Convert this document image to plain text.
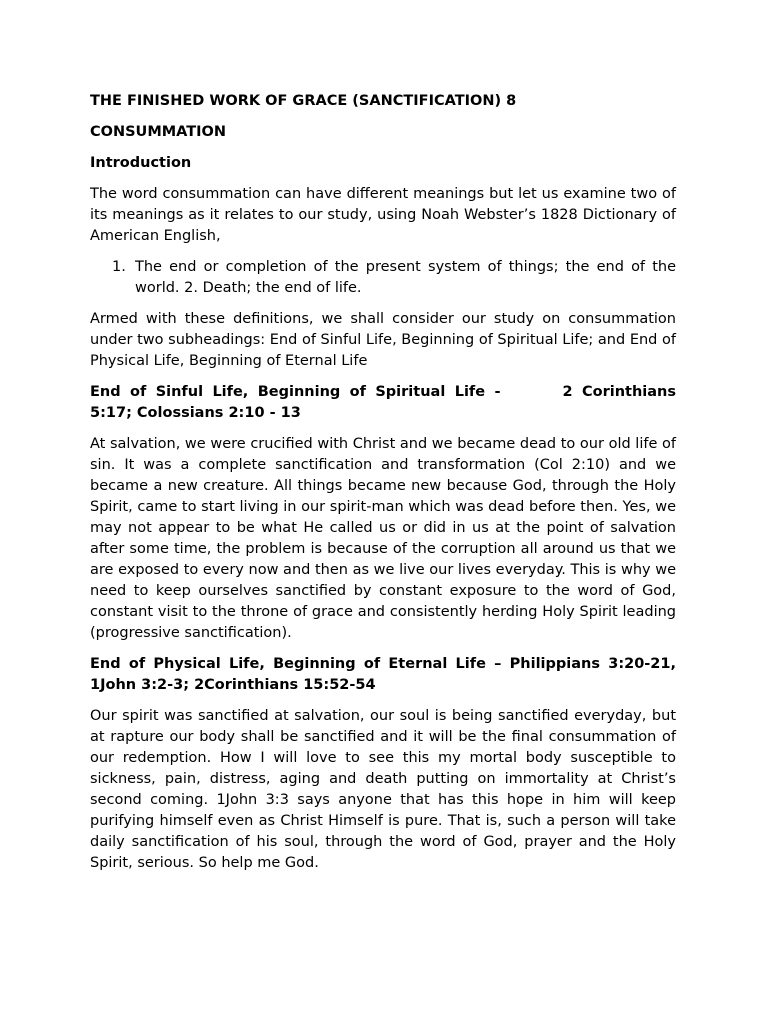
THE FINISHED WORK OF GRACE (SANCTIFICATION) 8
CONSUMMATION
Introduction
The word consummation can have different meanings but let us examine two of its meanings as it relates to our study, using Noah Webster’s 1828 Dictionary of American English,
1. The end or completion of the present system of things; the end of the world. 2. Death; the end of life.
Armed with these definitions, we shall consider our study on consummation under two subheadings: End of Sinful Life, Beginning of Spiritual Life; and End of Physical Life, Beginning of Eternal Life
End of Sinful Life, Beginning of Spiritual Life -	2 Corinthians 5:17; Colossians 2:10 - 13
At salvation, we were crucified with Christ and we became dead to our old life of sin. It was a complete sanctification and transformation (Col 2:10) and we became a new creature. All things became new because God, through the Holy Spirit, came to start living in our spirit-man which was dead before then. Yes, we may not appear to be what He called us or did in us at the point of salvation after some time, the problem is because of the corruption all around us that we are exposed to every now and then as we live our lives everyday. This is why we need to keep ourselves sanctified by constant exposure to the word of God, constant visit to the throne of grace and consistently herding Holy Spirit leading (progressive sanctification).
End of Physical Life, Beginning of Eternal Life – Philippians 3:20-21, 1John 3:2-3; 2Corinthians 15:52-54
Our spirit was sanctified at salvation, our soul is being sanctified everyday, but at rapture our body shall be sanctified and it will be the final consummation of our redemption. How I will love to see this my mortal body susceptible to sickness, pain, distress, aging and death putting on immortality at Christ’s second coming. 1John 3:3 says anyone that has this hope in him will keep purifying himself even as Christ Himself is pure. That is, such a person will take daily sanctification of his soul, through the word of God, prayer and the Holy Spirit, serious. So help me God.
